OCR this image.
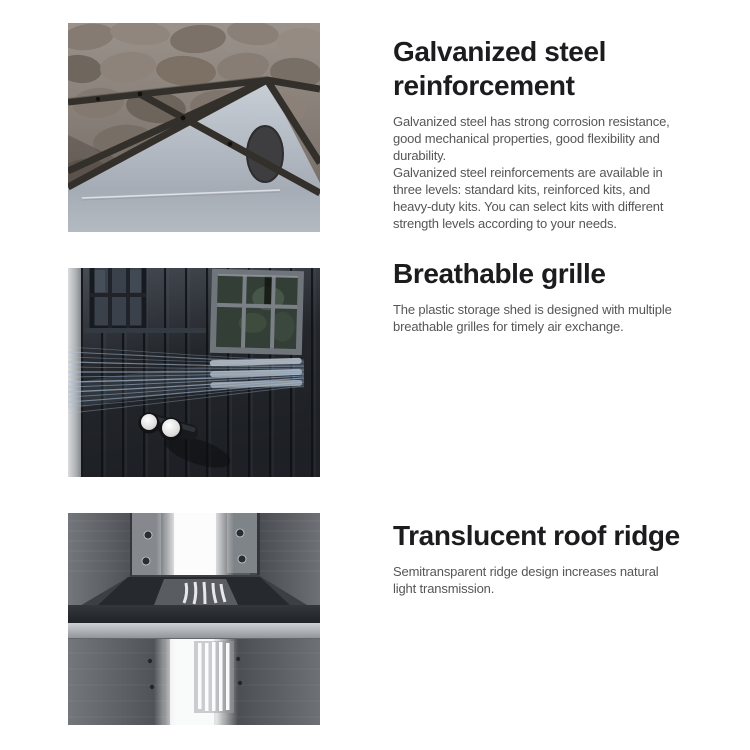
Galvanized steel reinforcement

Galvanized steel has strong corrosion resistance, good mechanical properties, good flexibility and durability.

Galvanized steel reinforcements are available in three levels: standard kits, reinforced kits, and heavy-duty kits. You can select kits with different strength levels according to your needs.

Breathable grille

The plastic storage shed is designed with multiple breathable grilles for timely air exchange.

Translucent roof ridge

Semitransparent ridge design increases natural light transmission.
